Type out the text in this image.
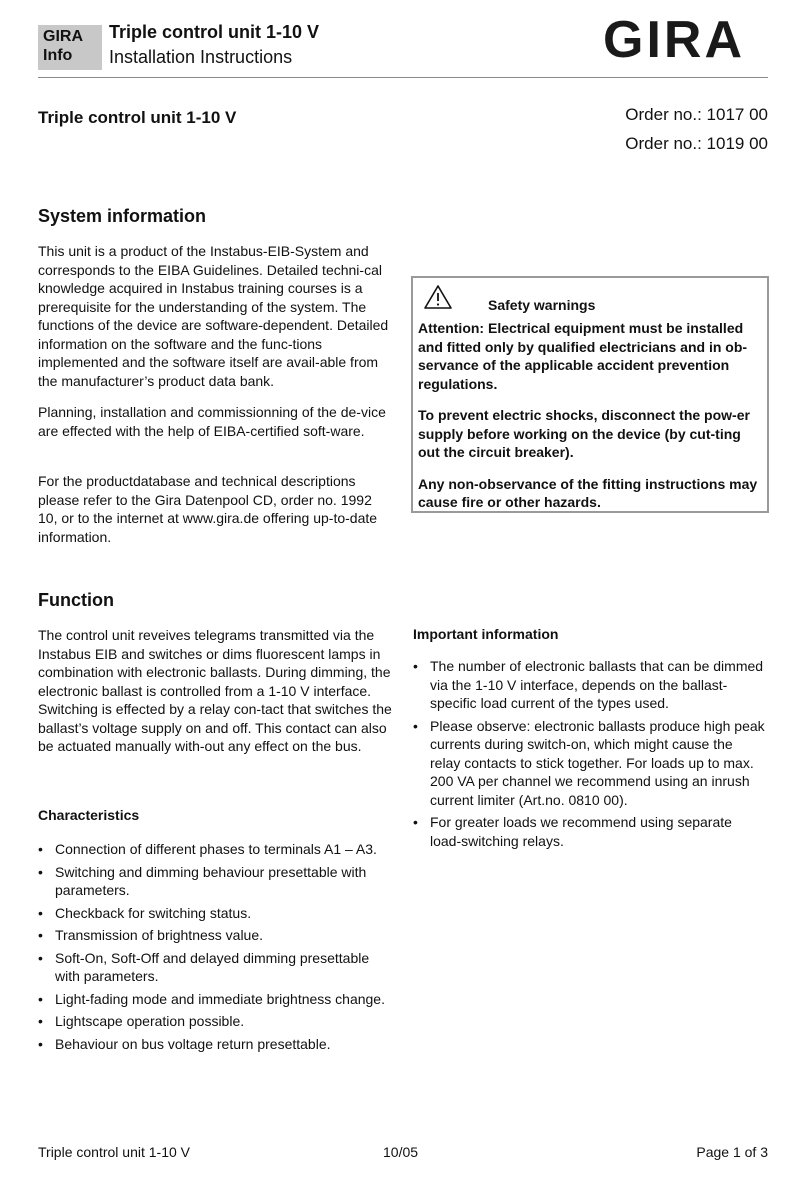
GIRA
Info
Triple control unit 1-10 V
Installation Instructions	GIRA
Triple control unit 1-10 V	Order no.: 1017 00
Order no.: 1019 00
System information

This unit is a product of the Instabus-EIB-System and corresponds to the EIBA Guidelines. Detailed techni-cal knowledge acquired in Instabus training courses is a prerequisite for the understanding of the system. The functions of the device are software-dependent. Detailed information on the software and the func-tions implemented and the software itself are avail-able from the manufacturer’s product data bank.

Planning, installation and commissionning of the de-vice are effected with the help of EIBA-certified soft-ware.

For the productdatabase and technical descriptions please refer to the Gira Datenpool CD, order no. 1992 10, or to the internet at www.gira.de offering up-to-date information.

Safety warnings

Attention: Electrical equipment must be installed and fitted only by qualified electricians and in ob-servance of the applicable accident prevention regulations.

To prevent electric shocks, disconnect the pow-er supply before working on the device (by cut-ting out the circuit breaker).

Any non-observance of the fitting instructions may cause fire or other hazards.

Function

The control unit reveives telegrams transmitted via the Instabus EIB and switches or dims fluorescent lamps in combination with electronic ballasts. During dimming, the electronic ballast is controlled from a 1-10 V interface. Switching is effected by a relay con-tact that switches the ballast’s voltage supply on and off. This contact can also be actuated manually with-out any effect on the bus.

Characteristics
• Connection of different phases to terminals A1 – A3.
• Switching and dimming behaviour presettable with parameters.
• Checkback for switching status.
• Transmission of brightness value.
• Soft-On, Soft-Off and delayed dimming presettable with parameters.
• Light-fading mode and immediate brightness change.
• Lightscape operation possible.
• Behaviour on bus voltage return presettable.
Important information
• The number of electronic ballasts that can be dimmed via the 1-10 V interface, depends on the ballast-specific load current of the types used.
• Please observe: electronic ballasts produce high peak currents during switch-on, which might cause the relay contacts to stick together. For loads up to max. 200 VA per channel we recommend using an inrush current limiter (Art.no. 0810 00).
• For greater loads we recommend using separate load-switching relays.
Triple control unit 1-10 V	10/05	Page 1 of 3
